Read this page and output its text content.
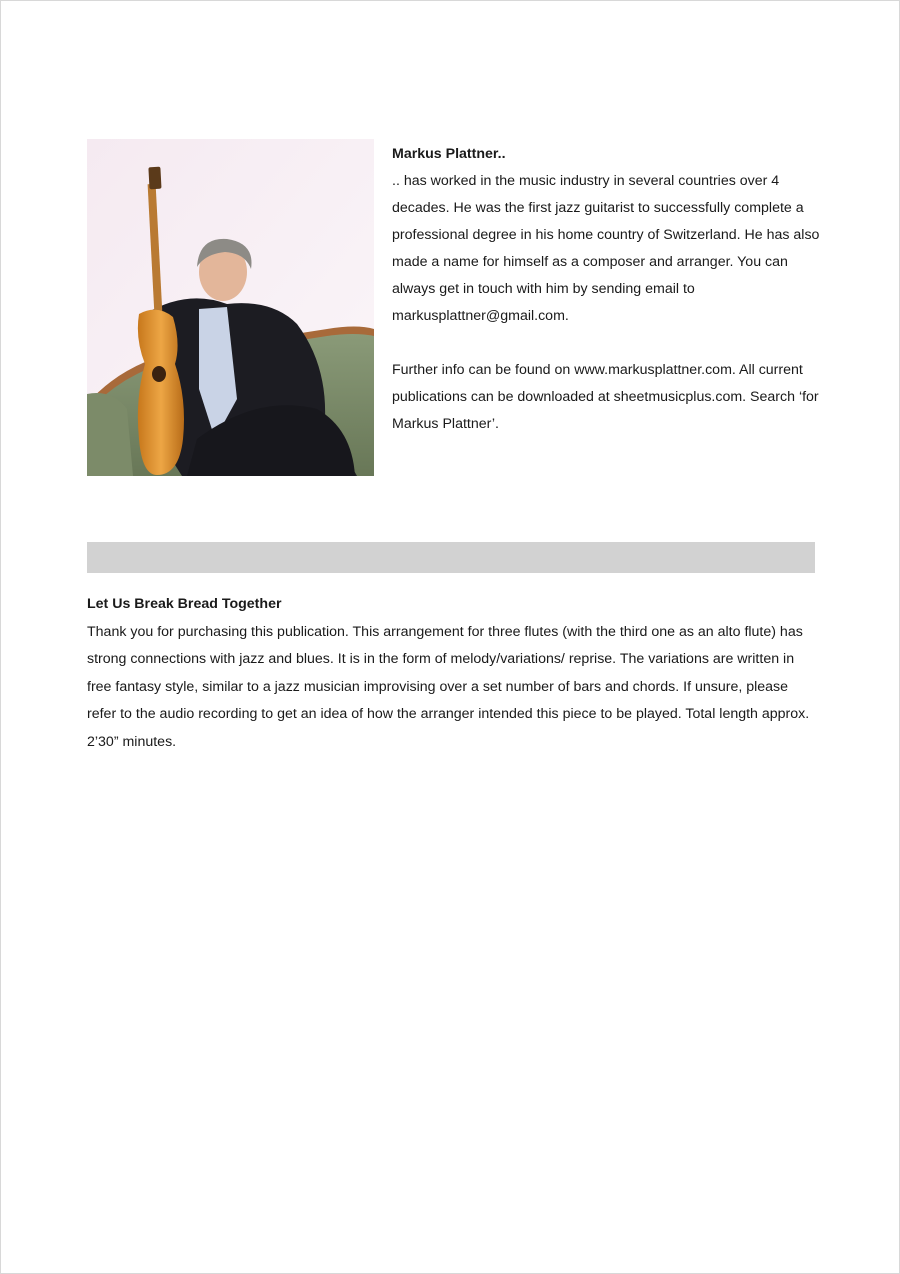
Markus Plattner..

.. has worked in the music industry in several countries over 4 decades. He was the first jazz guitarist to successfully complete a professional degree in his home country of Switzerland. He has also made a name for himself as a composer and arranger. You can always get in touch with him by sending email to markusplattner@gmail.com.

Further info can be found on www.markusplattner.com. All current publications can be downloaded at sheetmusicplus.com. Search ‘for Markus Plattner’.

Let Us Break Bread Together

Thank you for purchasing this publication. This arrangement for three flutes (with the third one as an alto flute) has strong connections with jazz and blues. It is in the form of melody/variations/ reprise. The variations are written in free fantasy style, similar to a jazz musician improvising over a set number of bars and chords. If unsure, please refer to the audio recording to get an idea of how the arranger intended this piece to be played. Total length approx. 2’30” minutes.
